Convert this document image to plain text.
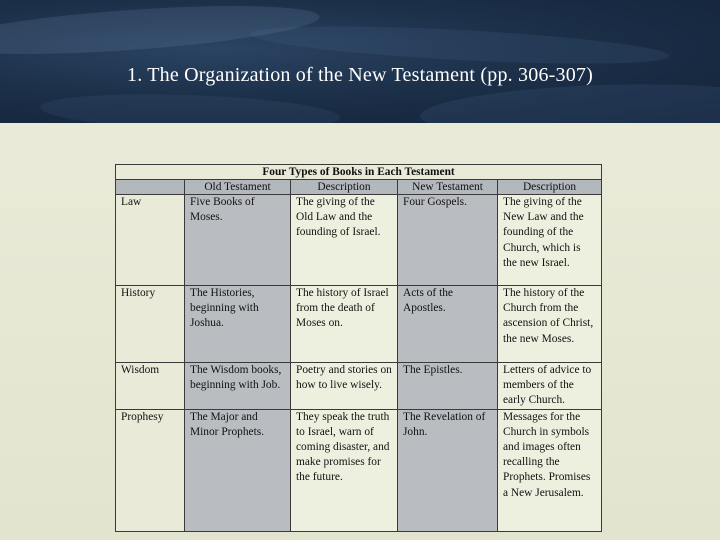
1. The Organization of the New Testament (pp. 306-307)
Four Types of Books in Each Testament				
	Old Testament	Description	New Testament	Description
Law	Five Books of Moses.	The giving of the Old Law and the founding of Israel.	Four Gospels.	The giving of the New Law and the founding of the Church, which is the new Israel.
History	The Histories, beginning with Joshua.	The history of Israel from the death of Moses on.	Acts of the Apostles.	The history of the Church from the ascension of Christ, the new Moses.
Wisdom	The Wisdom books, beginning with Job.	Poetry and stories on how to live wisely.	The Epistles.	Letters of advice to members of the early Church.
Prophesy	The Major and Minor Prophets.	They speak the truth to Israel, warn of coming disaster, and make promises for the future.	The Revelation of John.	Messages for the Church in symbols and images often recalling the Prophets. Promises a New Jerusalem.
